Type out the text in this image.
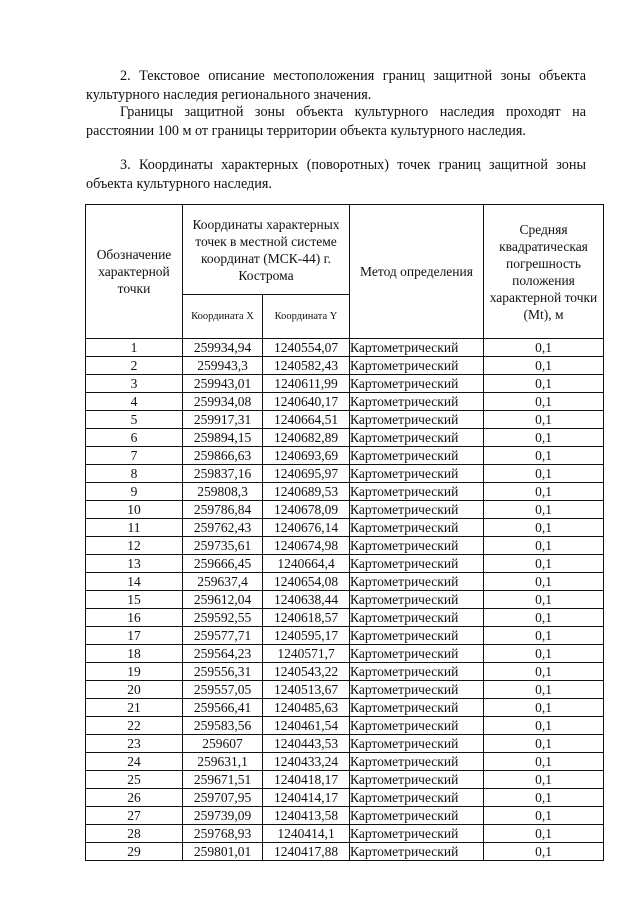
2. Текстовое описание местоположения границ защитной зоны объекта культурного наследия регионального значения.
Границы защитной зоны объекта культурного наследия проходят на расстоянии 100 м от границы территории объекта культурного наследия.
3. Координаты характерных (поворотных) точек границ защитной зоны объекта культурного наследия.
Обозначение характерной точки	Координаты характерных точек в местной системе координат (МСК-44) г. Кострома		Метод определения	Средняя квадратическая погрешность положения характерной точки (Mt), м
	Координата X	Координата Y		
1	259934,94	1240554,07	Картометрический	0,1
2	259943,3	1240582,43	Картометрический	0,1
3	259943,01	1240611,99	Картометрический	0,1
4	259934,08	1240640,17	Картометрический	0,1
5	259917,31	1240664,51	Картометрический	0,1
6	259894,15	1240682,89	Картометрический	0,1
7	259866,63	1240693,69	Картометрический	0,1
8	259837,16	1240695,97	Картометрический	0,1
9	259808,3	1240689,53	Картометрический	0,1
10	259786,84	1240678,09	Картометрический	0,1
11	259762,43	1240676,14	Картометрический	0,1
12	259735,61	1240674,98	Картометрический	0,1
13	259666,45	1240664,4	Картометрический	0,1
14	259637,4	1240654,08	Картометрический	0,1
15	259612,04	1240638,44	Картометрический	0,1
16	259592,55	1240618,57	Картометрический	0,1
17	259577,71	1240595,17	Картометрический	0,1
18	259564,23	1240571,7	Картометрический	0,1
19	259556,31	1240543,22	Картометрический	0,1
20	259557,05	1240513,67	Картометрический	0,1
21	259566,41	1240485,63	Картометрический	0,1
22	259583,56	1240461,54	Картометрический	0,1
23	259607	1240443,53	Картометрический	0,1
24	259631,1	1240433,24	Картометрический	0,1
25	259671,51	1240418,17	Картометрический	0,1
26	259707,95	1240414,17	Картометрический	0,1
27	259739,09	1240413,58	Картометрический	0,1
28	259768,93	1240414,1	Картометрический	0,1
29	259801,01	1240417,88	Картометрический	0,1
